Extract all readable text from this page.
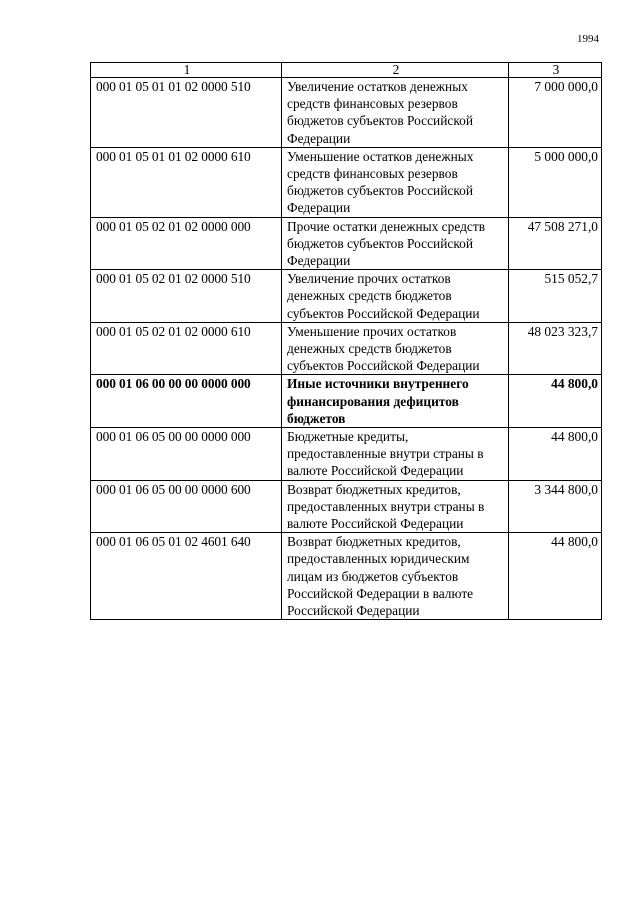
1994
1	2	3
000 01 05 01 01 02 0000 510	Увеличение остатков денежных средств финансовых резервов бюджетов субъектов Российской Федерации	7 000 000,0
000 01 05 01 01 02 0000 610	Уменьшение остатков денежных средств финансовых резервов бюджетов субъектов Российской Федерации	5 000 000,0
000 01 05 02 01 02 0000 000	Прочие остатки денежных средств бюджетов субъектов Российской Федерации	47 508 271,0
000 01 05 02 01 02 0000 510	Увеличение прочих остатков денежных средств бюджетов субъектов Российской Федерации	515 052,7
000 01 05 02 01 02 0000 610	Уменьшение прочих остатков денежных средств бюджетов субъектов Российской Федерации	48 023 323,7
000 01 06 00 00 00 0000 000	Иные источники внутреннего финансирования дефицитов бюджетов	44 800,0
000 01 06 05 00 00 0000 000	Бюджетные кредиты, предоставленные внутри страны в валюте Российской Федерации	44 800,0
000 01 06 05 00 00 0000 600	Возврат бюджетных кредитов, предоставленных внутри страны в валюте Российской Федерации	3 344 800,0
000 01 06 05 01 02 4601 640	Возврат бюджетных кредитов, предоставленных юридическим лицам из бюджетов субъектов Российской Федерации в валюте Российской Федерации	44 800,0
